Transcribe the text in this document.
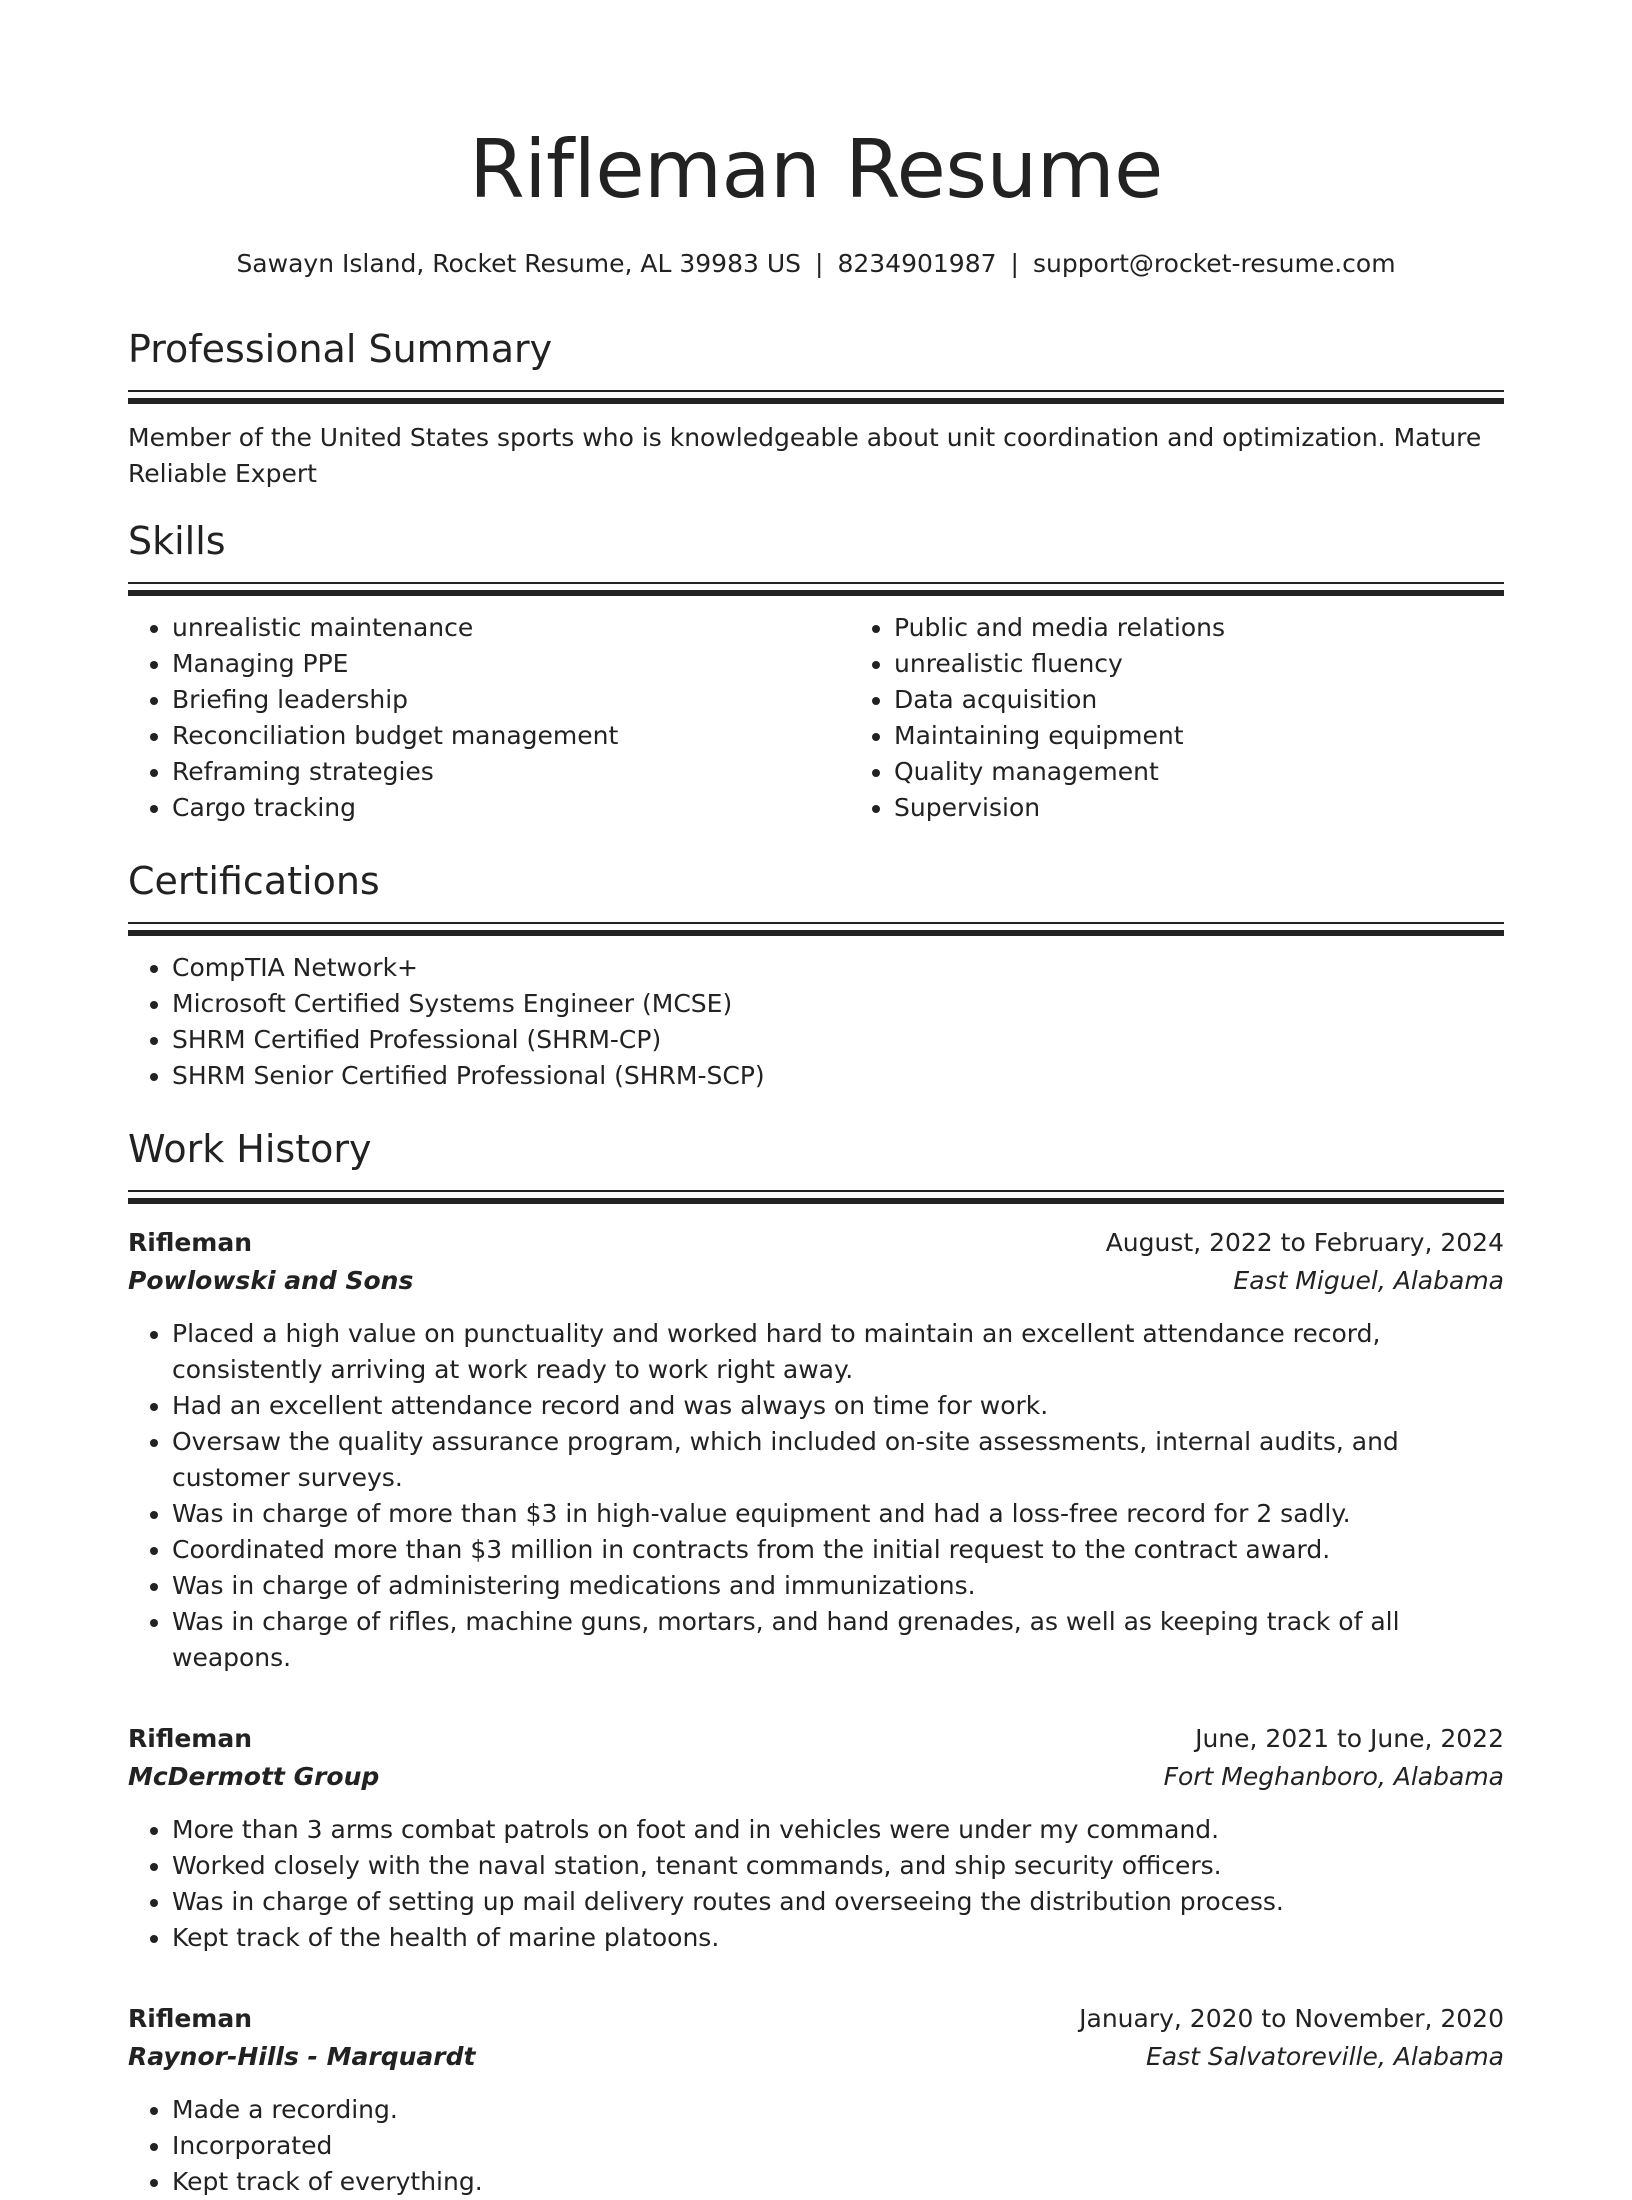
Rifleman Resume
Sawayn Island, Rocket Resume, AL 39983 US | 8234901987 | support@rocket-resume.com
Professional Summary
Member of the United States sports who is knowledgeable about unit coordination and optimization. Mature Reliable Expert
Skills
• unrealistic maintenance
• Managing PPE
• Briefing leadership
• Reconciliation budget management
• Reframing strategies
• Cargo tracking
• Public and media relations
• unrealistic fluency
• Data acquisition
• Maintaining equipment
• Quality management
• Supervision
Certifications
• CompTIA Network+
• Microsoft Certified Systems Engineer (MCSE)
• SHRM Certified Professional (SHRM-CP)
• SHRM Senior Certified Professional (SHRM-SCP)
Work History
Rifleman	August, 2022 to February, 2024
Powlowski and Sons	East Miguel, Alabama
• Placed a high value on punctuality and worked hard to maintain an excellent attendance record, consistently arriving at work ready to work right away.
• Had an excellent attendance record and was always on time for work.
• Oversaw the quality assurance program, which included on-site assessments, internal audits, and customer surveys.
• Was in charge of more than $3 in high-value equipment and had a loss-free record for 2 sadly.
• Coordinated more than $3 million in contracts from the initial request to the contract award.
• Was in charge of administering medications and immunizations.
• Was in charge of rifles, machine guns, mortars, and hand grenades, as well as keeping track of all weapons.
Rifleman	June, 2021 to June, 2022
McDermott Group	Fort Meghanboro, Alabama
• More than 3 arms combat patrols on foot and in vehicles were under my command.
• Worked closely with the naval station, tenant commands, and ship security officers.
• Was in charge of setting up mail delivery routes and overseeing the distribution process.
• Kept track of the health of marine platoons.
Rifleman	January, 2020 to November, 2020
Raynor-Hills - Marquardt	East Salvatoreville, Alabama
• Made a recording.
• Incorporated
• Kept track of everything.
